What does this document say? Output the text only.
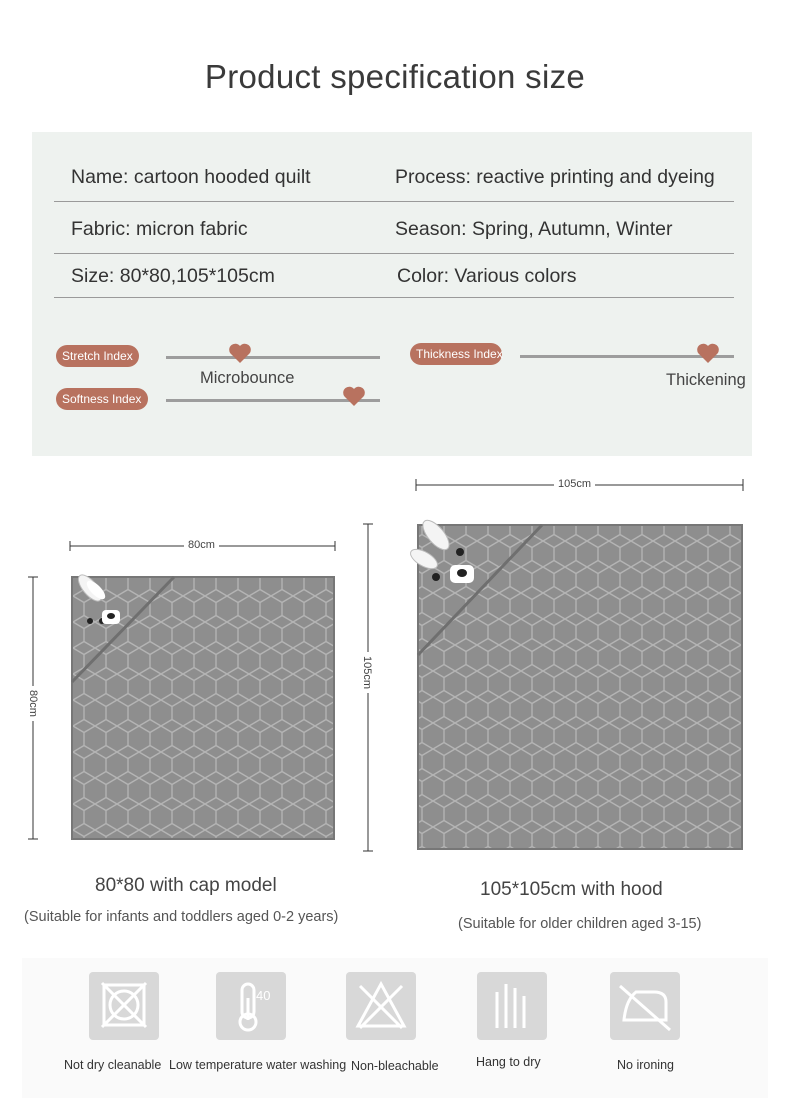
Product specification size
Name: cartoon hooded quilt	Process: reactive printing and dyeing
Fabric: micron fabric	Season: Spring, Autumn, Winter
Size: 80*80,105*105cm	Color: Various colors
Stretch Index
Microbounce
Softness Index
Thickness Index
Thickening
80cm
80cm
80*80 with cap model
(Suitable for infants and toddlers aged 0-2 years)
105cm
105cm
105*105cm with hood
(Suitable for older children aged 3-15)
Not dry cleanable
40
Low temperature water washing Non-bleachable	Hang to dry	No ironing
